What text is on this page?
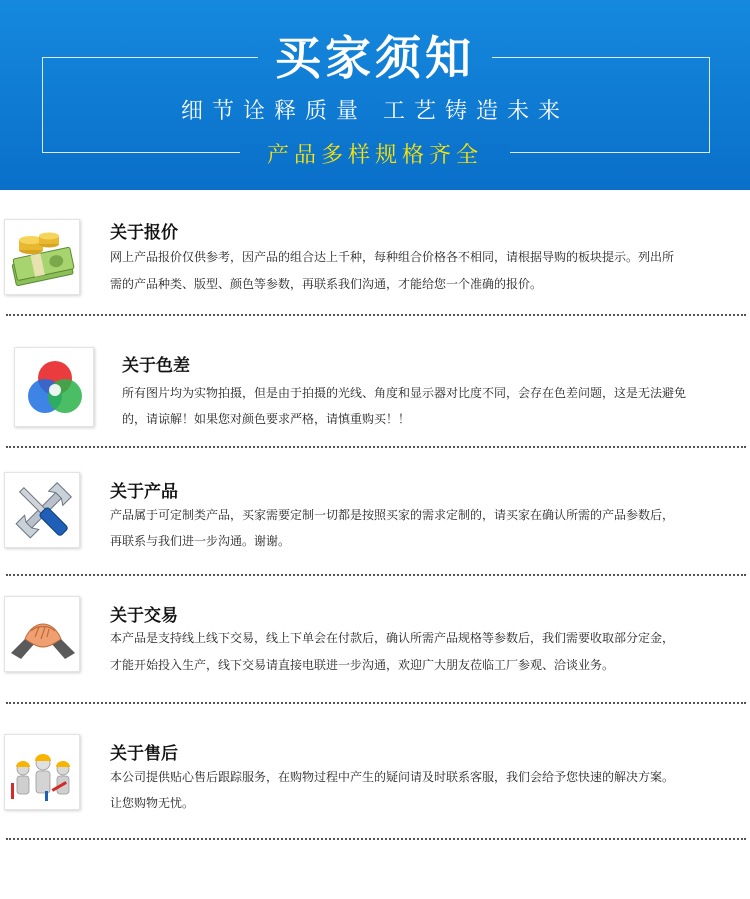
买家须知
细节诠释质量 工艺铸造未来
产品多样规格齐全
关于报价
网上产品报价仅供参考，因产品的组合达上千种，每种组合价格各不相同，请根据导购的板块提示。列出所
需的产品种类、版型、颜色等参数，再联系我们沟通，才能给您一个准确的报价。
关于色差
所有图片均为实物拍摄，但是由于拍摄的光线、角度和显示器对比度不同，会存在色差问题，这是无法避免
的，请谅解！如果您对颜色要求严格，请慎重购买！！
关于产品
产品属于可定制类产品，买家需要定制一切都是按照买家的需求定制的，请买家在确认所需的产品参数后，
再联系与我们进一步沟通。谢谢。
关于交易
本产品是支持线上线下交易，线上下单会在付款后，确认所需产品规格等参数后，我们需要收取部分定金，
才能开始投入生产，线下交易请直接电联进一步沟通，欢迎广大朋友莅临工厂参观、洽谈业务。
关于售后
本公司提供贴心售后跟踪服务，在购物过程中产生的疑问请及时联系客服，我们会给予您快速的解决方案。
让您购物无忧。
